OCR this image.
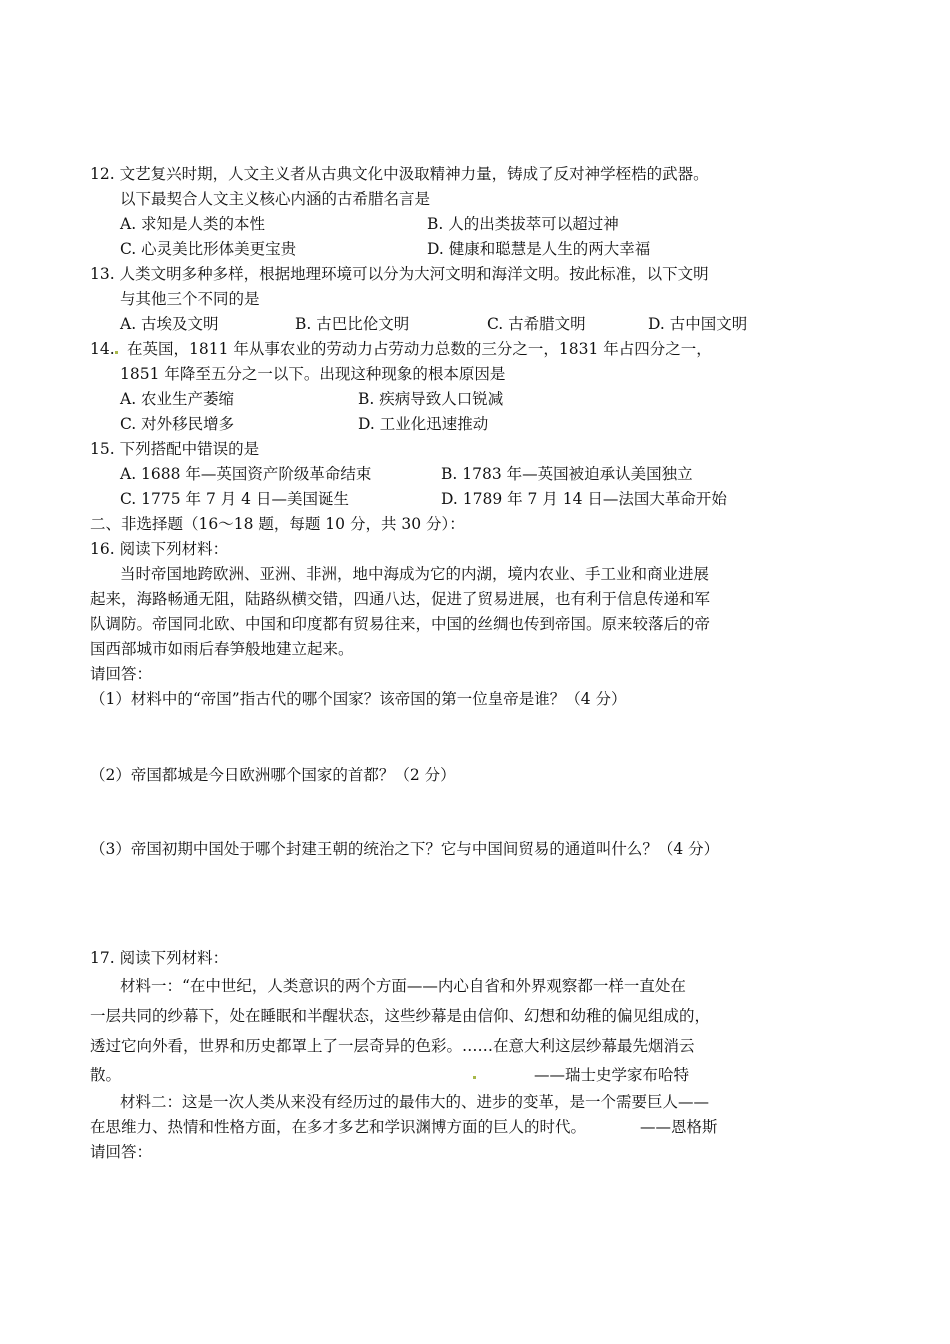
12. 文艺复兴时期，人文主义者从古典文化中汲取精神力量，铸成了反对神学桎梏的武器。
以下最契合人文主义核心内涵的古希腊名言是
A. 求知是人类的本性	B. 人的出类拔萃可以超过神
C. 心灵美比形体美更宝贵	D. 健康和聪慧是人生的两大幸福
13. 人类文明多种多样，根据地理环境可以分为大河文明和海洋文明。按此标准，以下文明
与其他三个不同的是
A. 古埃及文明	B. 古巴比伦文明	C. 古希腊文明	D. 古中国文明
14. 在英国，1811 年从事农业的劳动力占劳动力总数的三分之一，1831 年占四分之一，
1851 年降至五分之一以下。出现这种现象的根本原因是
A. 农业生产萎缩	B. 疾病导致人口锐减
C. 对外移民增多	D. 工业化迅速推动
15. 下列搭配中错误的是
A. 1688 年—英国资产阶级革命结束	B. 1783 年—英国被迫承认美国独立
C. 1775 年 7 月 4 日—美国诞生	D. 1789 年 7 月 14 日—法国大革命开始
二、非选择题（16～18 题，每题 10 分，共 30 分）：
16. 阅读下列材料：
当时帝国地跨欧洲、亚洲、非洲，地中海成为它的内湖，境内农业、手工业和商业进展
起来，海路畅通无阻，陆路纵横交错，四通八达，促进了贸易进展，也有利于信息传递和军
队调防。帝国同北欧、中国和印度都有贸易往来，中国的丝绸也传到帝国。原来较落后的帝
国西部城市如雨后春笋般地建立起来。
请回答：
（1）材料中的“帝国”指古代的哪个国家？该帝国的第一位皇帝是谁？（4 分）
（2）帝国都城是今日欧洲哪个国家的首都？（2 分）
（3）帝国初期中国处于哪个封建王朝的统治之下？它与中国间贸易的通道叫什么？（4 分）
17. 阅读下列材料：
材料一：“在中世纪，人类意识的两个方面——内心自省和外界观察都一样一直处在
一层共同的纱幕下，处在睡眠和半醒状态，这些纱幕是由信仰、幻想和幼稚的偏见组成的，
透过它向外看，世界和历史都罩上了一层奇异的色彩。……在意大利这层纱幕最先烟消云
散。	——瑞士史学家布哈特
材料二：这是一次人类从来没有经历过的最伟大的、进步的变革，是一个需要巨人——
在思维力、热情和性格方面，在多才多艺和学识渊博方面的巨人的时代。	——恩格斯
请回答：
